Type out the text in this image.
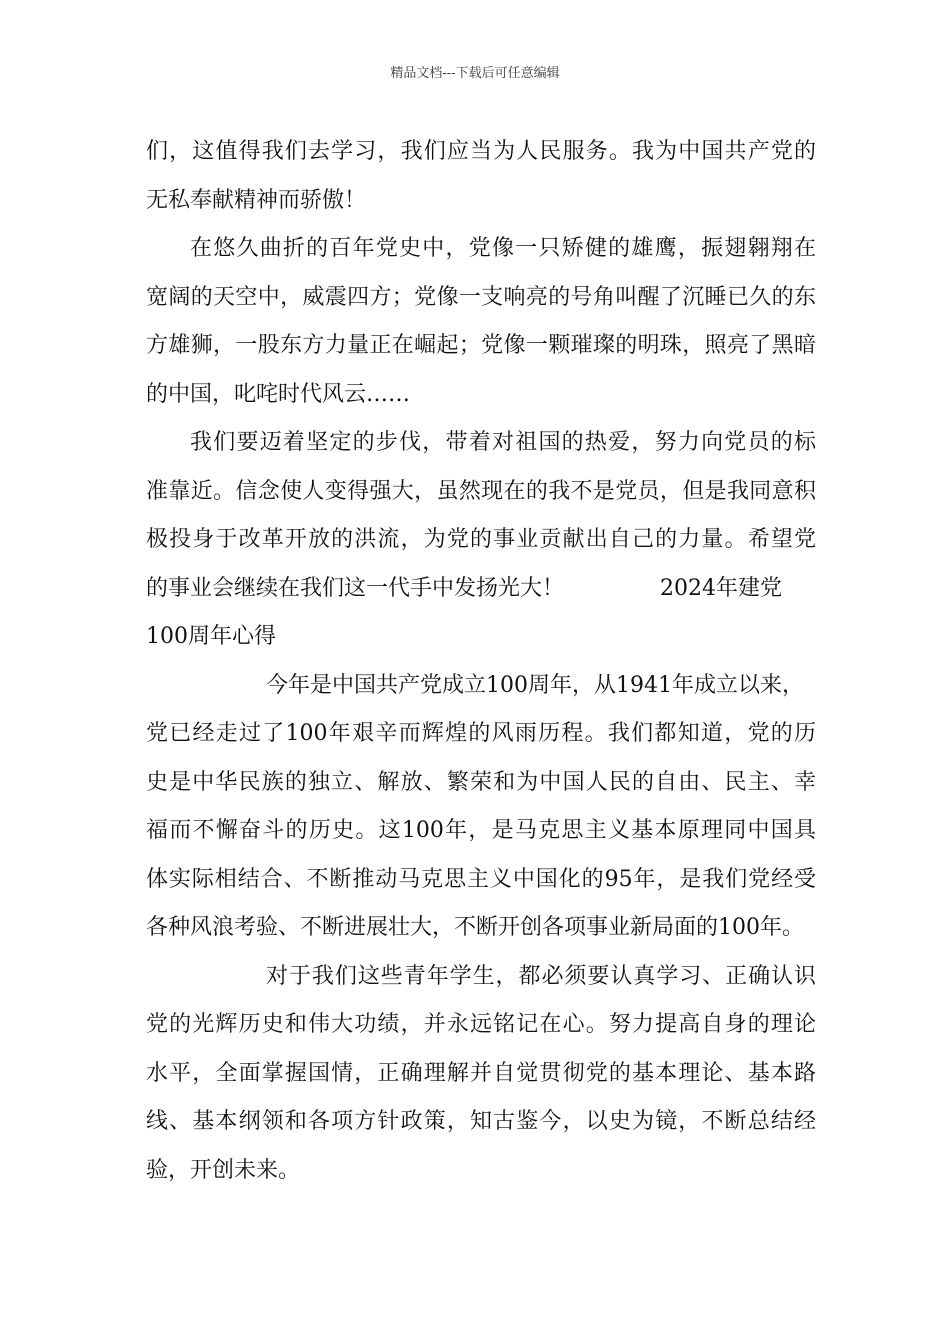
精品文档---下载后可任意编辑
们，这值得我们去学习，我们应当为人民服务。我为中国共产党的
无私奉献精神而骄傲！
在悠久曲折的百年党史中，党像一只矫健的雄鹰，振翅翱翔在
宽阔的天空中，威震四方；党像一支响亮的号角叫醒了沉睡已久的东
方雄狮，一股东方力量正在崛起；党像一颗璀璨的明珠，照亮了黑暗
的中国，叱咤时代风云……
我们要迈着坚定的步伐，带着对祖国的热爱，努力向党员的标
准靠近。信念使人变得强大，虽然现在的我不是党员，但是我同意积
极投身于改革开放的洪流，为党的事业贡献出自己的力量。希望党
的事业会继续在我们这一代手中发扬光大！	2024年建党
100周年心得
今年是中国共产党成立100周年，从1941年成立以来，
党已经走过了100年艰辛而辉煌的风雨历程。我们都知道，党的历
史是中华民族的独立、解放、繁荣和为中国人民的自由、民主、幸
福而不懈奋斗的历史。这100年，是马克思主义基本原理同中国具
体实际相结合、不断推动马克思主义中国化的95年，是我们党经受
各种风浪考验、不断进展壮大，不断开创各项事业新局面的100年。
对于我们这些青年学生，都必须要认真学习、正确认识
党的光辉历史和伟大功绩，并永远铭记在心。努力提高自身的理论
水平，全面掌握国情，正确理解并自觉贯彻党的基本理论、基本路
线、基本纲领和各项方针政策，知古鉴今，以史为镜，不断总结经
验，开创未来。
